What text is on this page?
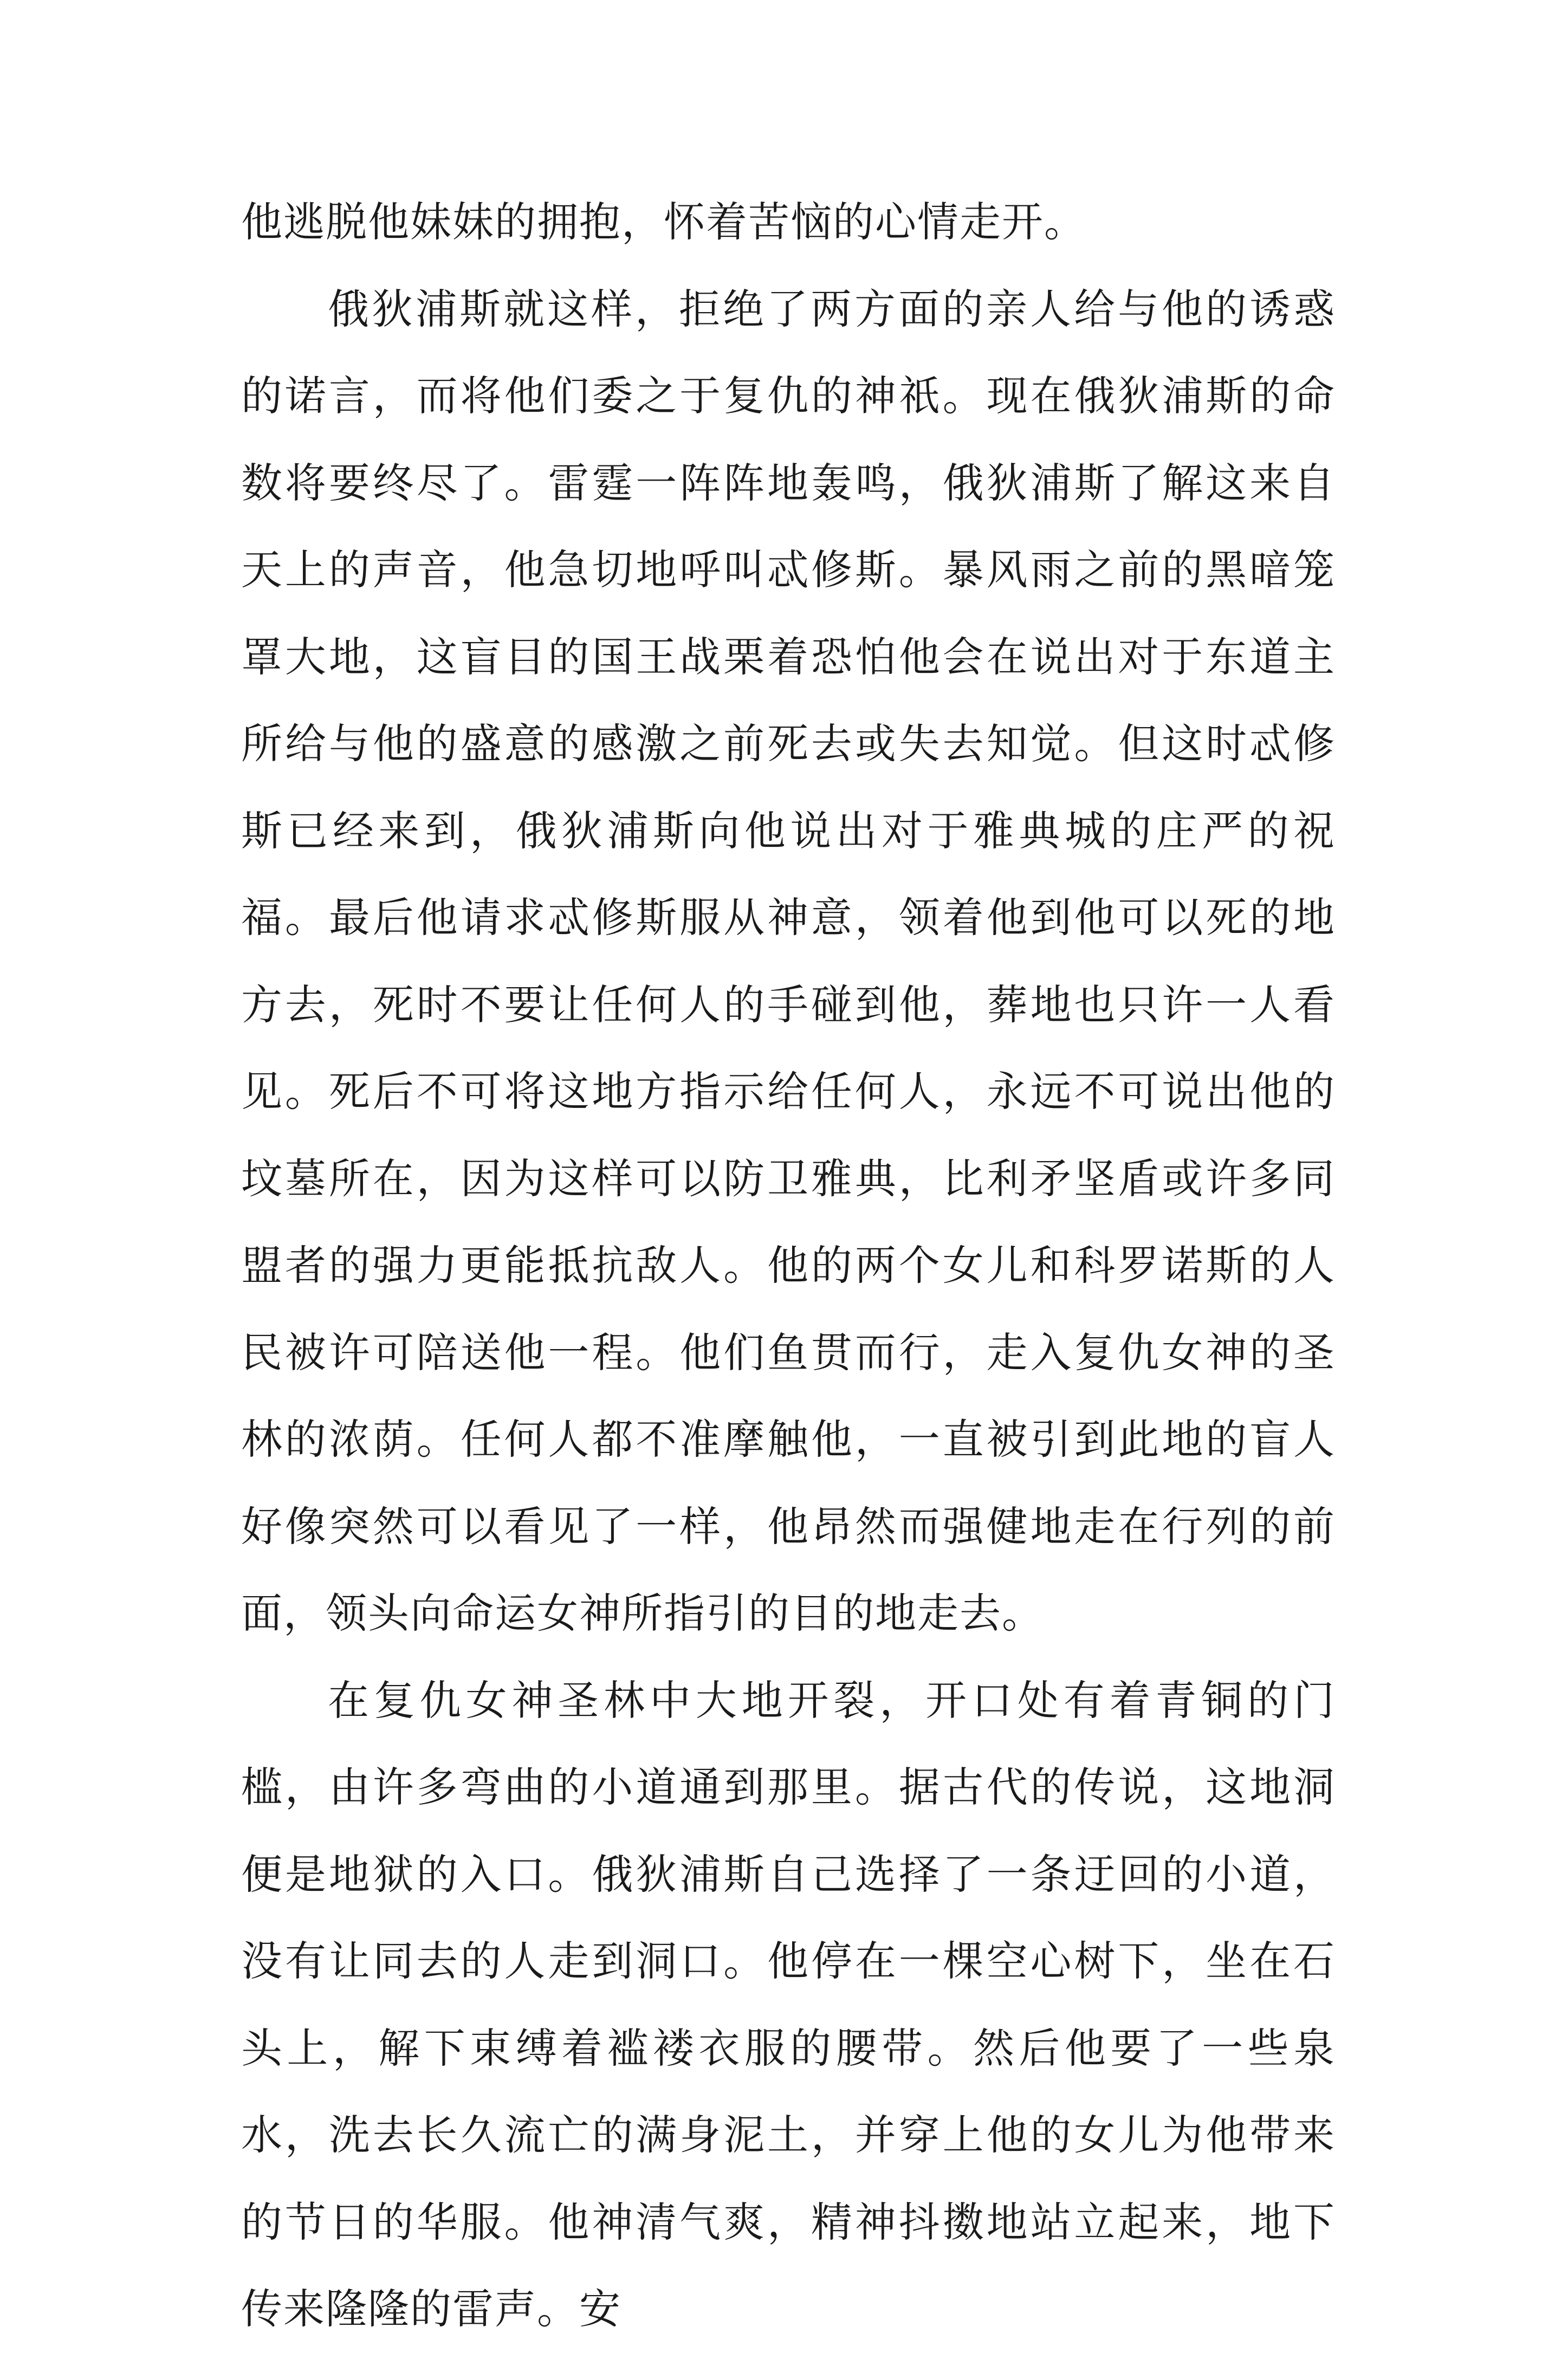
他逃脱他妹妹的拥抱，怀着苦恼的心情走开。

俄狄浦斯就这样，拒绝了两方面的亲人给与他的诱惑的诺言，而将他们委之于复仇的神祇。现在俄狄浦斯的命数将要终尽了。雷霆一阵阵地轰鸣，俄狄浦斯了解这来自天上的声音，他急切地呼叫忒修斯。暴风雨之前的黑暗笼罩大地，这盲目的国王战栗着恐怕他会在说出对于东道主所给与他的盛意的感激之前死去或失去知觉。但这时忒修斯已经来到，俄狄浦斯向他说出对于雅典城的庄严的祝福。最后他请求忒修斯服从神意，领着他到他可以死的地方去，死时不要让任何人的手碰到他，葬地也只许一人看见。死后不可将这地方指示给任何人，永远不可说出他的坟墓所在，因为这样可以防卫雅典，比利矛坚盾或许多同盟者的强力更能抵抗敌人。他的两个女儿和科罗诺斯的人民被许可陪送他一程。他们鱼贯而行，走入复仇女神的圣林的浓荫。任何人都不准摩触他，一直被引到此地的盲人好像突然可以看见了一样，他昂然而强健地走在行列的前面，领头向命运女神所指引的目的地走去。

在复仇女神圣林中大地开裂，开口处有着青铜的门槛，由许多弯曲的小道通到那里。据古代的传说，这地洞便是地狱的入口。俄狄浦斯自己选择了一条迂回的小道，没有让同去的人走到洞口。他停在一棵空心树下，坐在石头上，解下束缚着褴褛衣服的腰带。然后他要了一些泉水，洗去长久流亡的满身泥土，并穿上他的女儿为他带来的节日的华服。他神清气爽，精神抖擞地站立起来，地下传来隆隆的雷声。安
